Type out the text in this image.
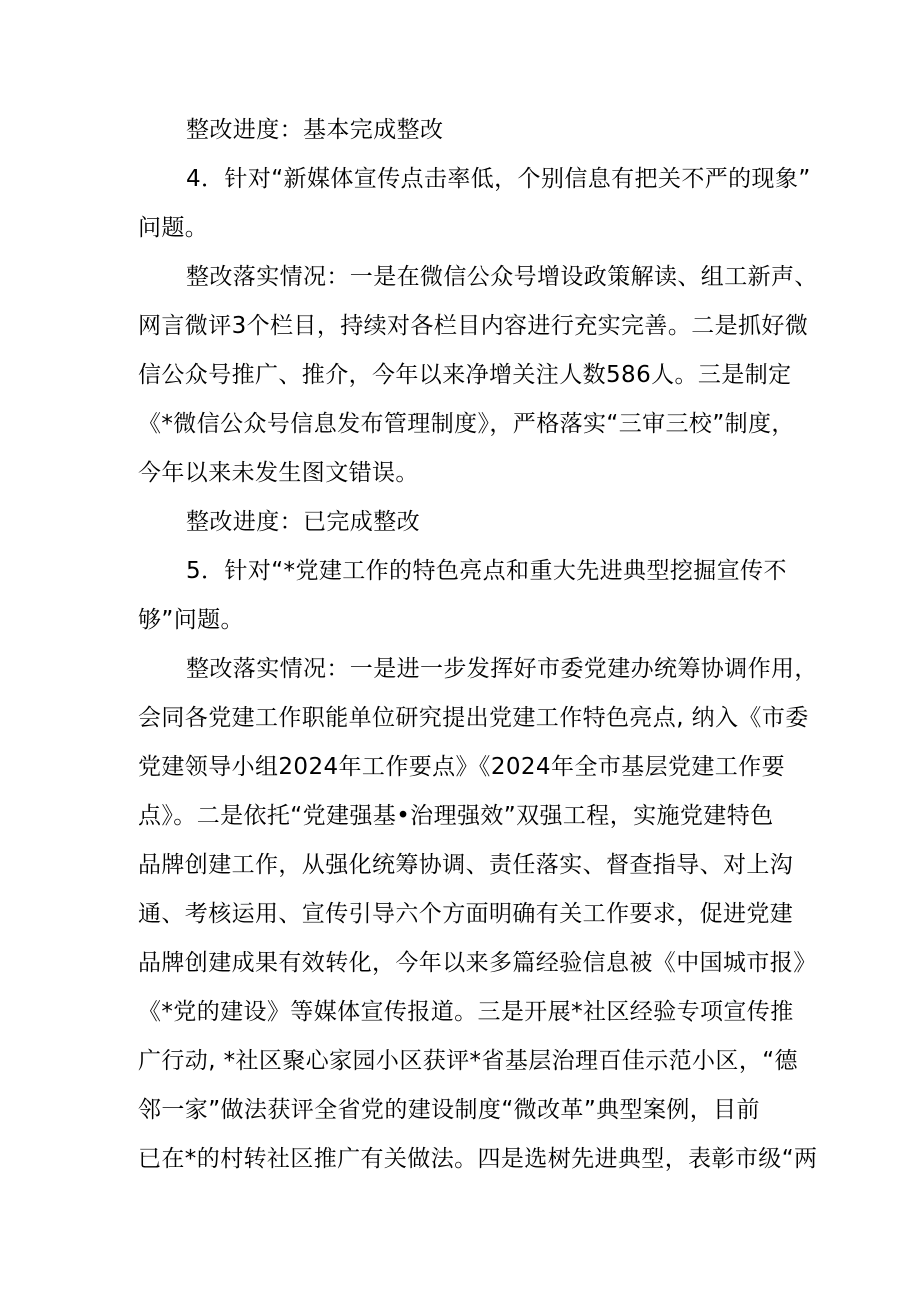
整改进度：基本完成整改
4．针对“新媒体宣传点击率低，个别信息有把关不严的现象”
问题。
整改落实情况：一是在微信公众号增设政策解读、组工新声、
网言微评3个栏目，持续对各栏目内容进行充实完善。二是抓好微
信公众号推广、推介，今年以来净增关注人数586人。三是制定
《*微信公众号信息发布管理制度》，严格落实“三审三校”制度，
今年以来未发生图文错误。
整改进度：已完成整改
5．针对“*党建工作的特色亮点和重大先进典型挖掘宣传不
够”问题。
整改落实情况：一是进一步发挥好市委党建办统筹协调作用，
会同各党建工作职能单位研究提出党建工作特色亮点, 纳入《市委
党建领导小组2024年工作要点》《2024年全市基层党建工作要
点》。二是依托“党建强基•治理强效”双强工程，实施党建特色
品牌创建工作，从强化统筹协调、责任落实、督查指导、对上沟
通、考核运用、宣传引导六个方面明确有关工作要求，促进党建
品牌创建成果有效转化，今年以来多篇经验信息被《中国城市报》
《*党的建设》等媒体宣传报道。三是开展*社区经验专项宣传推
广行动, *社区聚心家园小区获评*省基层治理百佳示范小区，“德
邻一家”做法获评全省党的建设制度“微改革”典型案例，目前
已在*的村转社区推广有关做法。四是选树先进典型，表彰市级“两
